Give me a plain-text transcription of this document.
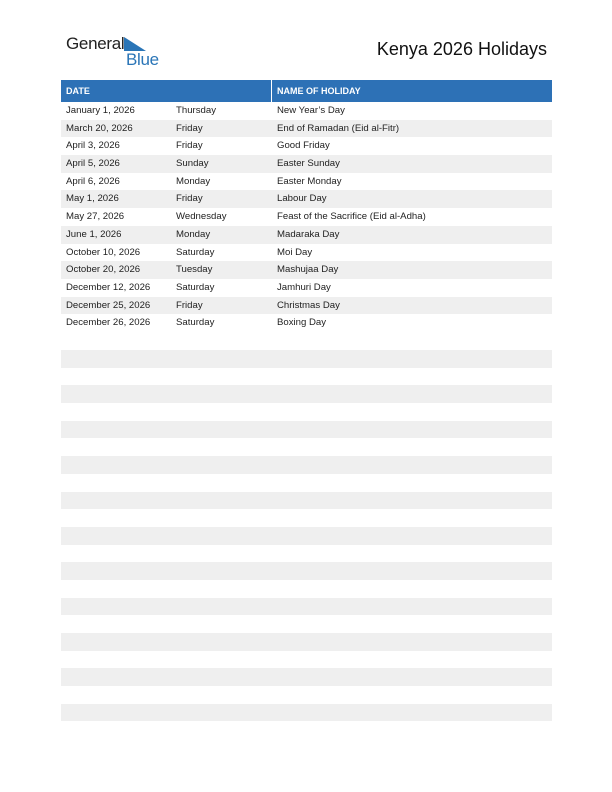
General
Blue
Kenya 2026 Holidays
DATE	NAME OF HOLIDAY
January 1, 2026	Thursday	New Year’s Day
March 20, 2026	Friday	End of Ramadan (Eid al-Fitr)
April 3, 2026	Friday	Good Friday
April 5, 2026	Sunday	Easter Sunday
April 6, 2026	Monday	Easter Monday
May 1, 2026	Friday	Labour Day
May 27, 2026	Wednesday	Feast of the Sacrifice (Eid al-Adha)
June 1, 2026	Monday	Madaraka Day
October 10, 2026	Saturday	Moi Day
October 20, 2026	Tuesday	Mashujaa Day
December 12, 2026	Saturday	Jamhuri Day
December 25, 2026	Friday	Christmas Day
December 26, 2026	Saturday	Boxing Day
